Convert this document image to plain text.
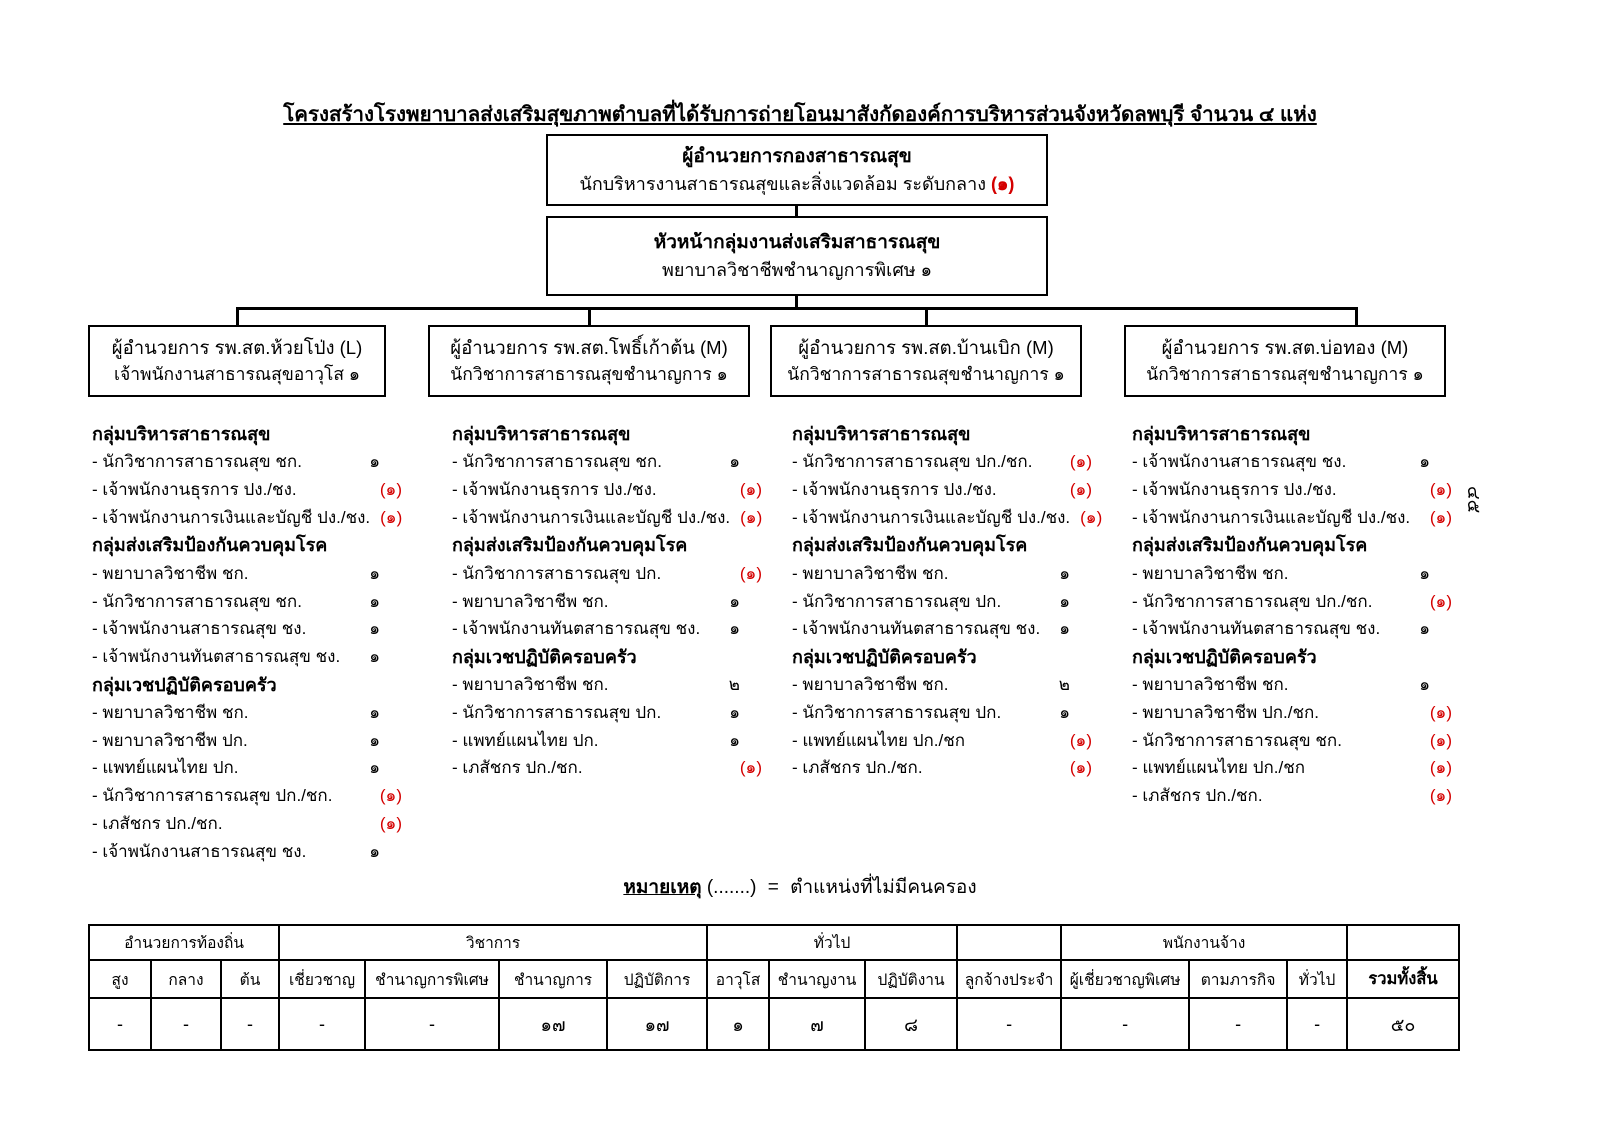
โครงสร้างโรงพยาบาลส่งเสริมสุขภาพตำบลที่ได้รับการถ่ายโอนมาสังกัดองค์การบริหารส่วนจังหวัดลพบุรี จำนวน ๔ แห่ง
ผู้อำนวยการกองสาธารณสุข
นักบริหารงานสาธารณสุขและสิ่งแวดล้อม ระดับกลาง (๑)
หัวหน้ากลุ่มงานส่งเสริมสาธารณสุข
พยาบาลวิชาชีพชำนาญการพิเศษ ๑
ผู้อำนวยการ รพ.สต.ห้วยโป่ง (L)
เจ้าพนักงานสาธารณสุขอาวุโส ๑
ผู้อำนวยการ รพ.สต.โพธิ์เก้าต้น (M)
นักวิชาการสาธารณสุขชำนาญการ ๑
ผู้อำนวยการ รพ.สต.บ้านเบิก (M)
นักวิชาการสาธารณสุขชำนาญการ ๑
ผู้อำนวยการ รพ.สต.บ่อทอง (M)
นักวิชาการสาธารณสุขชำนาญการ ๑
กลุ่มบริหารสาธารณสุข
- นักวิชาการสาธารณสุข ชก.	๑
- เจ้าพนักงานธุรการ ปง./ชง.	(๑)
- เจ้าพนักงานการเงินและบัญชี ปง./ชง. (๑)
กลุ่มส่งเสริมป้องกันควบคุมโรค
- พยาบาลวิชาชีพ ชก.	๑
- นักวิชาการสาธารณสุข ชก.	๑
- เจ้าพนักงานสาธารณสุข ชง.	๑
- เจ้าพนักงานทันตสาธารณสุข ชง.	๑
กลุ่มเวชปฏิบัติครอบครัว
- พยาบาลวิชาชีพ ชก.	๑
- พยาบาลวิชาชีพ ปก.	๑
- แพทย์แผนไทย ปก.	๑
- นักวิชาการสาธารณสุข ปก./ชก.	(๑)
- เภสัชกร ปก./ชก.	(๑)
- เจ้าพนักงานสาธารณสุข ชง.	๑
กลุ่มบริหารสาธารณสุข
- นักวิชาการสาธารณสุข ชก.	๑
- เจ้าพนักงานธุรการ ปง./ชง.	(๑)
- เจ้าพนักงานการเงินและบัญชี ปง./ชง. (๑)
กลุ่มส่งเสริมป้องกันควบคุมโรค
- นักวิชาการสาธารณสุข ปก.	(๑)
- พยาบาลวิชาชีพ ชก.	๑
- เจ้าพนักงานทันตสาธารณสุข ชง.	๑
กลุ่มเวชปฏิบัติครอบครัว
- พยาบาลวิชาชีพ ชก.	๒
- นักวิชาการสาธารณสุข ปก.	๑
- แพทย์แผนไทย ปก.	๑
- เภสัชกร ปก./ชก.	(๑)
กลุ่มบริหารสาธารณสุข
- นักวิชาการสาธารณสุข ปก./ชก.	(๑)
- เจ้าพนักงานธุรการ ปง./ชง.	(๑)
- เจ้าพนักงานการเงินและบัญชี ปง./ชง. (๑)
กลุ่มส่งเสริมป้องกันควบคุมโรค
- พยาบาลวิชาชีพ ชก.	๑
- นักวิชาการสาธารณสุข ปก.	๑
- เจ้าพนักงานทันตสาธารณสุข ชง.	๑
กลุ่มเวชปฏิบัติครอบครัว
- พยาบาลวิชาชีพ ชก.	๒
- นักวิชาการสาธารณสุข ปก.	๑
- แพทย์แผนไทย ปก./ชก	(๑)
- เภสัชกร ปก./ชก.	(๑)
กลุ่มบริหารสาธารณสุข
- เจ้าพนักงานสาธารณสุข ชง.	๑
- เจ้าพนักงานธุรการ ปง./ชง.	(๑)
- เจ้าพนักงานการเงินและบัญชี ปง./ชง.	(๑)
กลุ่มส่งเสริมป้องกันควบคุมโรค
- พยาบาลวิชาชีพ ชก.	๑
- นักวิชาการสาธารณสุข ปก./ชก.	(๑)
- เจ้าพนักงานทันตสาธารณสุข ชง.	๑
กลุ่มเวชปฏิบัติครอบครัว
- พยาบาลวิชาชีพ ชก.	๑
- พยาบาลวิชาชีพ ปก./ชก.	(๑)
- นักวิชาการสาธารณสุข ชก.	(๑)
- แพทย์แผนไทย ปก./ชก	(๑)
- เภสัชกร ปก./ชก.	(๑)
หมายเหตุ (.......) = ตำแหน่งที่ไม่มีคนครอง
อำนวยการท้องถิ่น			วิชาการ				ทั่วไป				พนักงานจ้าง			
สูง	กลาง	ต้น	เชี่ยวชาญ	ชำนาญการพิเศษ	ชำนาญการ	ปฏิบัติการ	อาวุโส	ชำนาญงาน	ปฏิบัติงาน	ลูกจ้างประจำ	ผู้เชี่ยวชาญพิเศษ	ตามภารกิจ	ทั่วไป	รวมทั้งสิ้น
-	-	-	-	-	๑๗	๑๗	๑	๗	๘	-	-	-	-	๕๐
๔๕
